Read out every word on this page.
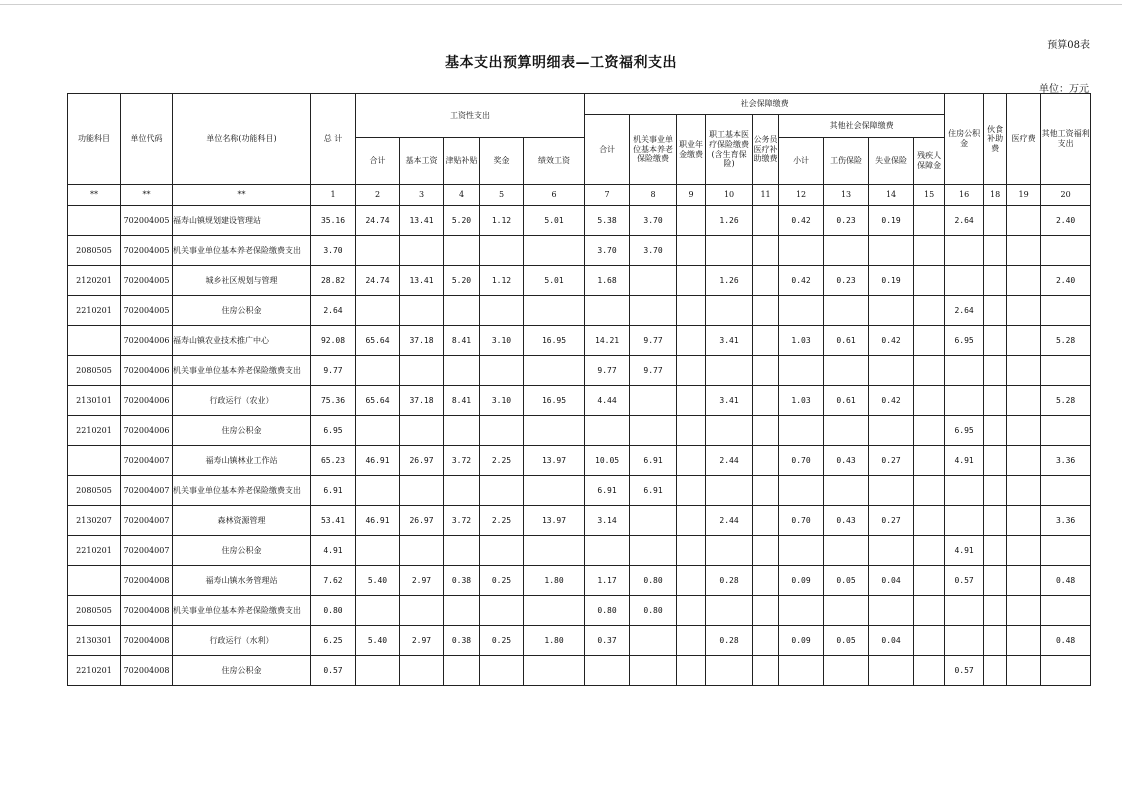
预算08表
基本支出预算明细表—工资福利支出
单位：万元
功能科目	单位代码	单位名称(功能科目)	总 计	工资性支出					社会保障缴费									住房公积金	伙食补助费	医疗费	其他工资福利支出
									合计	机关事业单位基本养老保险缴费	职业年金缴费	职工基本医疗保险缴费(含生育保险)	公务员医疗补助缴费	其他社会保障缴费							
				合计	基本工资	津贴补贴	奖金	绩效工资						小计	工伤保险	失业保险	残疾人保障金				
**	**	**	1	2	3	4	5	6	7	8	9	10	11	12	13	14	15	16	18	19	20
	702004005	福寿山镇规划建设管理站	35.16	24.74	13.41	5.20	1.12	5.01	5.38	3.70		1.26		0.42	0.23	0.19		2.64			2.40
2080505	702004005	机关事业单位基本养老保险缴费支出	3.70						3.70	3.70											
2120201	702004005	城乡社区规划与管理	28.82	24.74	13.41	5.20	1.12	5.01	1.68			1.26		0.42	0.23	0.19					2.40
2210201	702004005	住房公积金	2.64															2.64			
	702004006	福寿山镇农业技术推广中心	92.08	65.64	37.18	8.41	3.10	16.95	14.21	9.77		3.41		1.03	0.61	0.42		6.95			5.28
2080505	702004006	机关事业单位基本养老保险缴费支出	9.77						9.77	9.77											
2130101	702004006	行政运行（农业）	75.36	65.64	37.18	8.41	3.10	16.95	4.44			3.41		1.03	0.61	0.42					5.28
2210201	702004006	住房公积金	6.95															6.95			
	702004007	福寿山镇林业工作站	65.23	46.91	26.97	3.72	2.25	13.97	10.05	6.91		2.44		0.70	0.43	0.27		4.91			3.36
2080505	702004007	机关事业单位基本养老保险缴费支出	6.91						6.91	6.91											
2130207	702004007	森林资源管理	53.41	46.91	26.97	3.72	2.25	13.97	3.14			2.44		0.70	0.43	0.27					3.36
2210201	702004007	住房公积金	4.91															4.91			
	702004008	福寿山镇水务管理站	7.62	5.40	2.97	0.38	0.25	1.80	1.17	0.80		0.28		0.09	0.05	0.04		0.57			0.48
2080505	702004008	机关事业单位基本养老保险缴费支出	0.80						0.80	0.80											
2130301	702004008	行政运行（水利）	6.25	5.40	2.97	0.38	0.25	1.80	0.37			0.28		0.09	0.05	0.04					0.48
2210201	702004008	住房公积金	0.57															0.57			
